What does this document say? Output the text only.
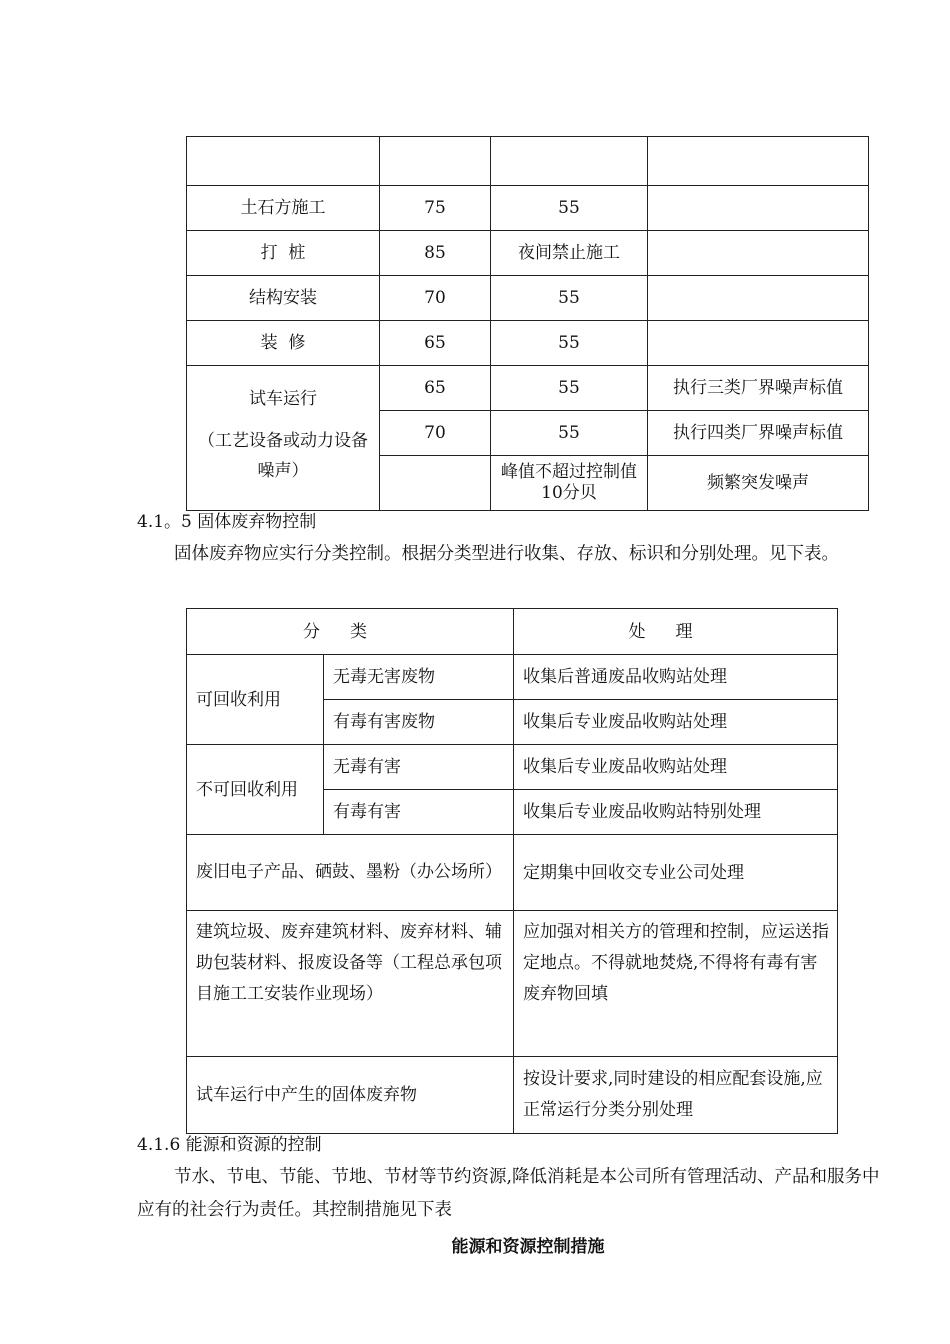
土石方施工	75	55	
打  桩	85	夜间禁止施工	
结构安装	70	55	
装  修	65	55	

试车运行
（工艺设备或动力设备噪声）	65	55	执行三类厂界噪声标值
	70	55	执行四类厂界噪声标值
		峰值不超过控制值10分贝	频繁突发噪声
4.1。5 固体废弃物控制
固体废弃物应实行分类控制。根据分类型进行收集、存放、标识和分别处理。见下表。
分类		处理
可回收利用	无毒无害废物	收集后普通废品收购站处理
	有毒有害废物	收集后专业废品收购站处理
不可回收利用	无毒有害	收集后专业废品收购站处理
	有毒有害	收集后专业废品收购站特别处理
废旧电子产品、硒鼓、墨粉（办公场所）		定期集中回收交专业公司处理
建筑垃圾、废弃建筑材料、废弃材料、辅助包装材料、报废设备等（工程总承包项目施工工安装作业现场）		应加强对相关方的管理和控制，应运送指定地点。不得就地焚烧,不得将有毒有害废弃物回填
试车运行中产生的固体废弃物		按设计要求,同时建设的相应配套设施,应正常运行分类分别处理
4.1.6 能源和资源的控制
节水、节电、节能、节地、节材等节约资源,降低消耗是本公司所有管理活动、产品和服务中应有的社会行为责任。其控制措施见下表
能源和资源控制措施
